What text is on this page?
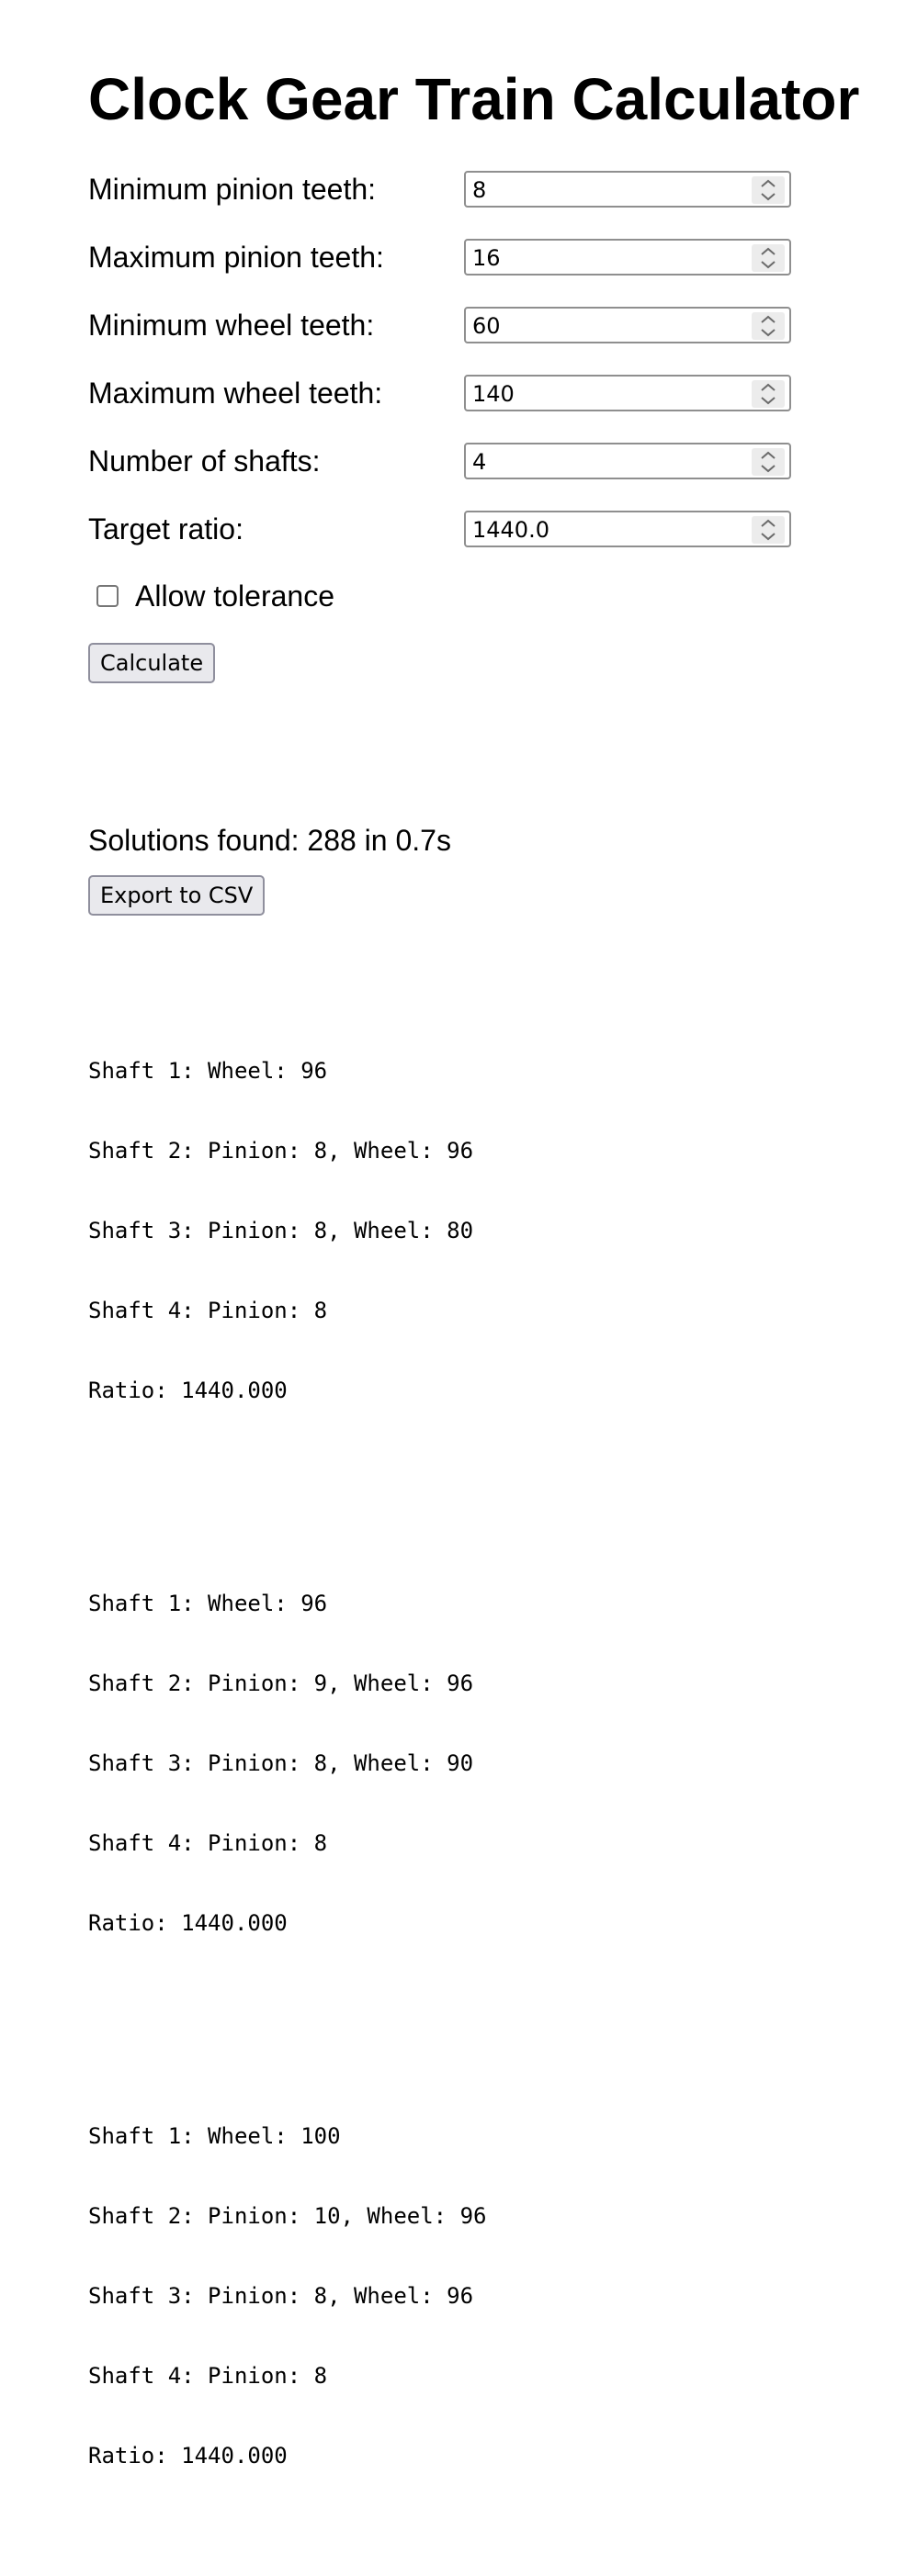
Clock Gear Train Calculator
Minimum pinion teeth:	8
Maximum pinion teeth:	16
Minimum wheel teeth:	60
Maximum wheel teeth:	140
Number of shafts:	4
Target ratio:	1440.0
Allow tolerance
Calculate
Solutions found: 288 in 0.7s
Export to CSV

Shaft 1: Wheel: 96

Shaft 2: Pinion: 8, Wheel: 96

Shaft 3: Pinion: 8, Wheel: 80

Shaft 4: Pinion: 8

Ratio: 1440.000

Shaft 1: Wheel: 96

Shaft 2: Pinion: 9, Wheel: 96

Shaft 3: Pinion: 8, Wheel: 90

Shaft 4: Pinion: 8

Ratio: 1440.000

Shaft 1: Wheel: 100

Shaft 2: Pinion: 10, Wheel: 96

Shaft 3: Pinion: 8, Wheel: 96

Shaft 4: Pinion: 8

Ratio: 1440.000
